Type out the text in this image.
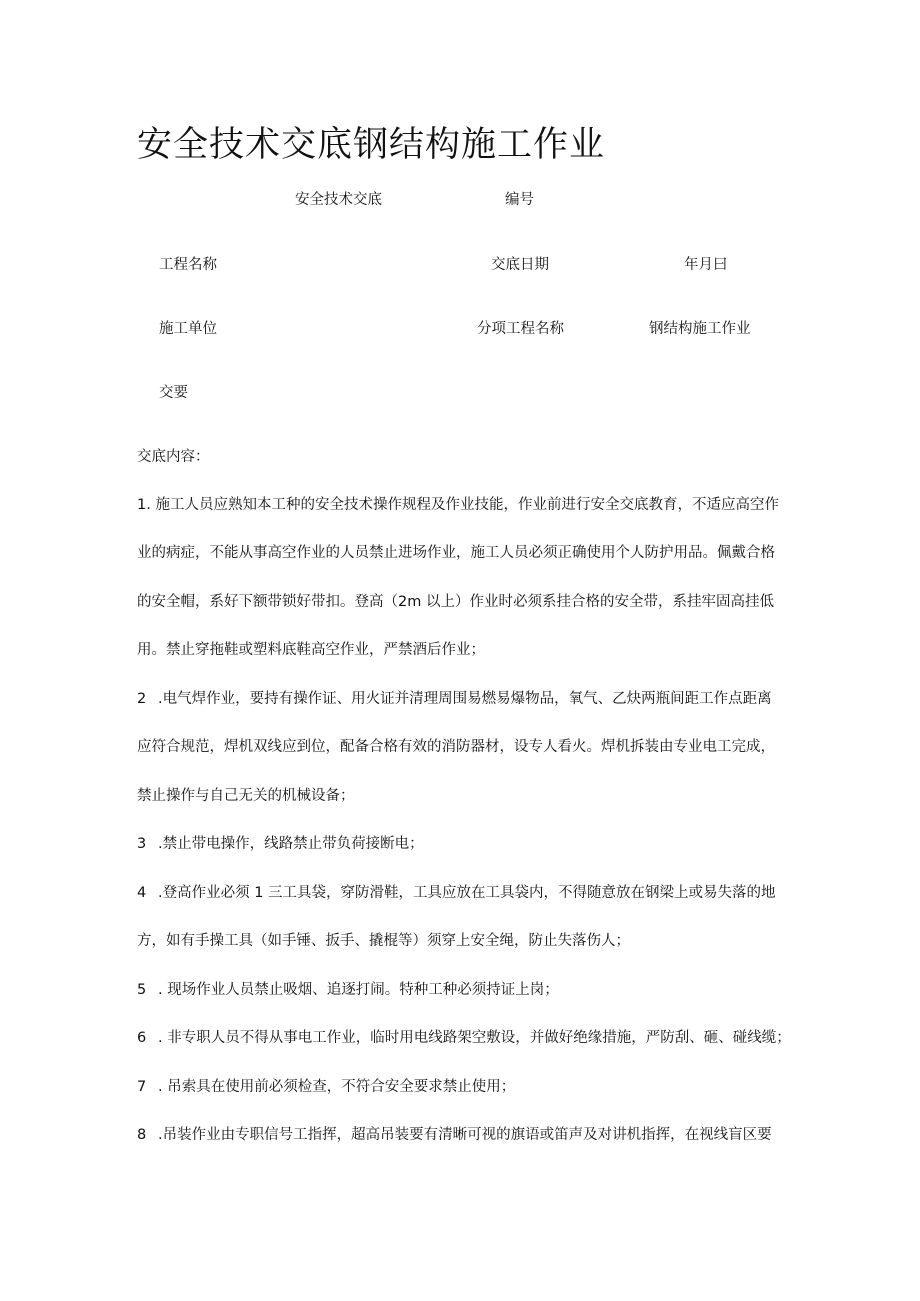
安全技术交底钢结构施工作业
安全技术交底	编号
工程名称	交底日期	年月曰
施工单位	分项工程名称	钢结构施工作业
交要
交底内容：
1. 施工人员应熟知本工种的安全技术操作规程及作业技能，作业前进行安全交底教育，不适应高空作
业的病症，不能从事高空作业的人员禁止进场作业，施工人员必须正确使用个人防护用品。佩戴合格
的安全帽，系好下额带锁好带扣。登高（2m 以上）作业时必须系挂合格的安全带，系挂牢固高挂低
用。禁止穿拖鞋或塑料底鞋高空作业，严禁酒后作业；
2 .电气焊作业，要持有操作证、用火证并清理周围易燃易爆物品，氧气、乙炔两瓶间距工作点距离
应符合规范，焊机双线应到位，配备合格有效的消防器材，设专人看火。焊机拆装由专业电工完成，
禁止操作与自己无关的机械设备；
3 .禁止带电操作，线路禁止带负荷接断电；
4 .登高作业必须 1 三工具袋，穿防滑鞋，工具应放在工具袋内，不得随意放在钢梁上或易失落的地
方，如有手操工具（如手锤、扳手、撬棍等）须穿上安全绳，防止失落伤人；
5 . 现场作业人员禁止吸烟、追逐打闹。特种工种必须持证上岗；
6 . 非专职人员不得从事电工作业，临时用电线路架空敷设，并做好绝缘措施，严防刮、砸、碰线缆；
7 . 吊索具在使用前必须检查，不符合安全要求禁止使用；
8 .吊装作业由专职信号工指挥，超高吊装要有清晰可视的旗语或笛声及对讲机指挥，在视线盲区要
